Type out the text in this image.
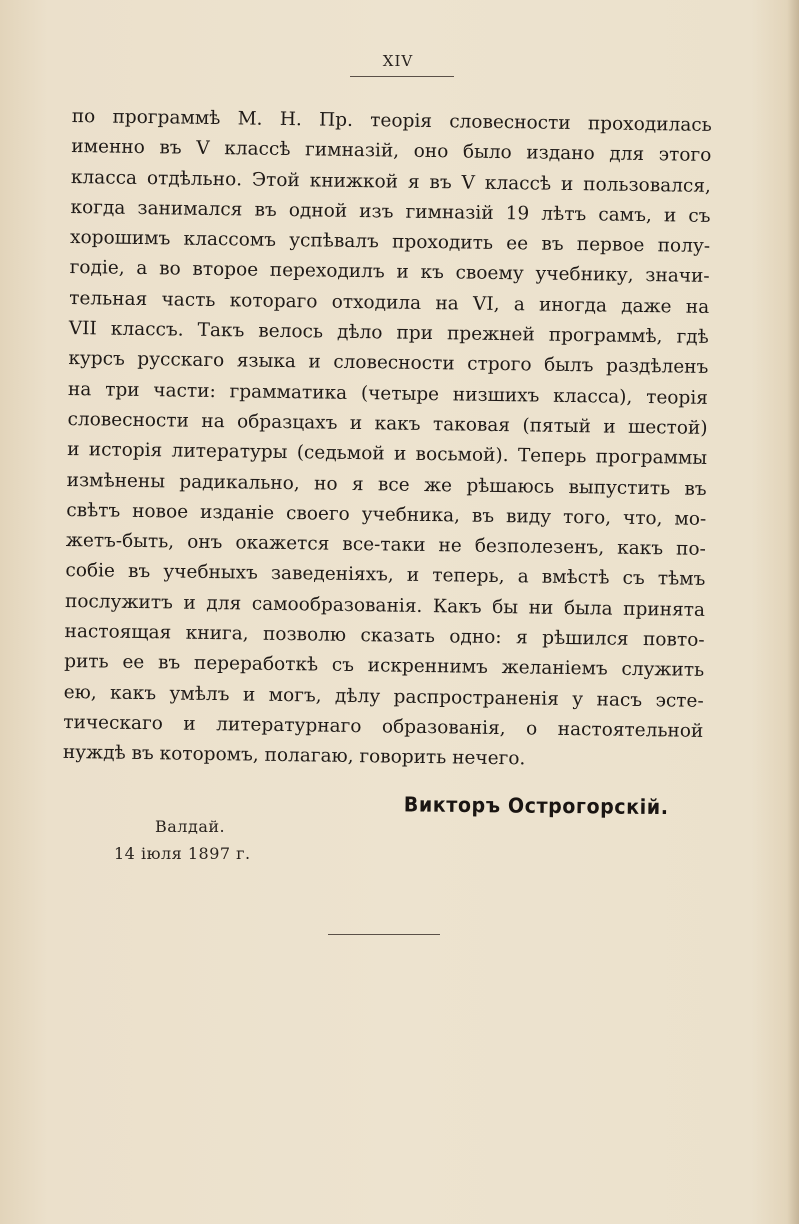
XIV
по программѣ М. Н. Пр. теорія словесности проходилась
именно въ V классѣ гимназій, оно было издано для этого
класса отдѣльно. Этой книжкой я въ V классѣ и пользовался,
когда занимался въ одной изъ гимназій 19 лѣтъ самъ, и съ
хорошимъ классомъ успѣвалъ проходить ее въ первое полу-
годіе, а во второе переходилъ и къ своему учебнику, значи-
тельная часть котораго отходила на VI, а иногда даже на
VII классъ. Такъ велось дѣло при прежней программѣ, гдѣ
курсъ русскаго языка и словесности строго былъ раздѣленъ
на три части: грамматика (четыре низшихъ класса), теорія
словесности на образцахъ и какъ таковая (пятый и шестой)
и исторія литературы (седьмой и восьмой). Теперь программы
измѣнены радикально, но я все же рѣшаюсь выпустить въ
свѣтъ новое изданіе своего учебника, въ виду того, что, мо-
жетъ-быть, онъ окажется все-таки не безполезенъ, какъ по-
собіе въ учебныхъ заведеніяхъ, и теперь, а вмѣстѣ съ тѣмъ
послужитъ и для самообразованія. Какъ бы ни была принята
настоящая книга, позволю сказать одно: я рѣшился повто-
рить ее въ переработкѣ съ искреннимъ желаніемъ служить
ею, какъ умѣлъ и могъ, дѣлу распространенія у насъ эсте-
тическаго и литературнаго образованія, о настоятельной
нуждѣ въ которомъ, полагаю, говорить нечего.
Викторъ Острогорскій.
Валдай.
14 іюля 1897 г.
